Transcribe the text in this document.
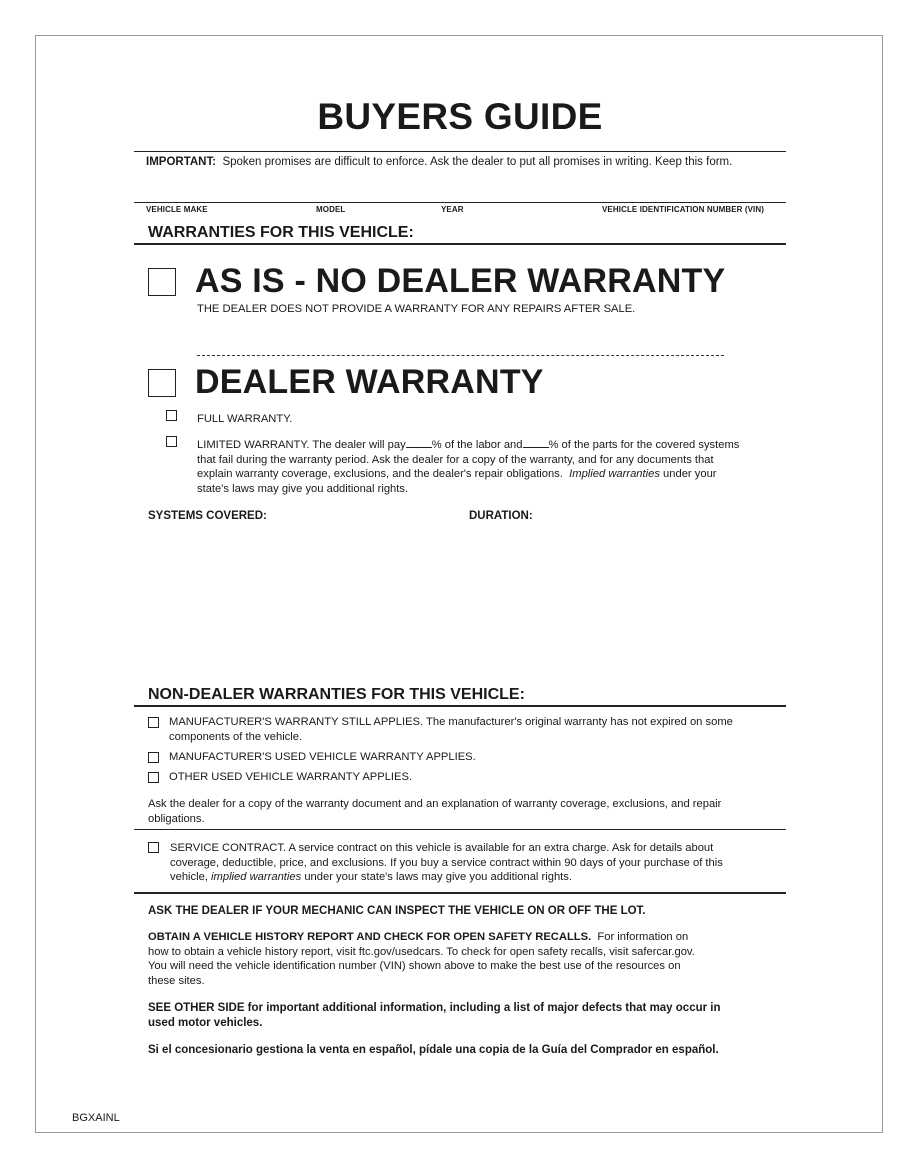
BUYERS GUIDE
IMPORTANT: Spoken promises are difficult to enforce. Ask the dealer to put all promises in writing. Keep this form.
VEHICLE MAKE	MODEL	YEAR	VEHICLE IDENTIFICATION NUMBER (VIN)
WARRANTIES FOR THIS VEHICLE:
AS IS - NO DEALER WARRANTY
THE DEALER DOES NOT PROVIDE A WARRANTY FOR ANY REPAIRS AFTER SALE.
DEALER WARRANTY
FULL WARRANTY.
LIMITED WARRANTY. The dealer will pay % of the labor and % of the parts for the covered systems
that fail during the warranty period. Ask the dealer for a copy of the warranty, and for any documents that
explain warranty coverage, exclusions, and the dealer's repair obligations. Implied warranties under your
state's laws may give you additional rights.
SYSTEMS COVERED:	DURATION:
NON-DEALER WARRANTIES FOR THIS VEHICLE:
MANUFACTURER'S WARRANTY STILL APPLIES. The manufacturer's original warranty has not expired on some
components of the vehicle.
MANUFACTURER'S USED VEHICLE WARRANTY APPLIES.
OTHER USED VEHICLE WARRANTY APPLIES.
Ask the dealer for a copy of the warranty document and an explanation of warranty coverage, exclusions, and repair
obligations.
SERVICE CONTRACT. A service contract on this vehicle is available for an extra charge. Ask for details about
coverage, deductible, price, and exclusions. If you buy a service contract within 90 days of your purchase of this
vehicle, implied warranties under your state's laws may give you additional rights.
ASK THE DEALER IF YOUR MECHANIC CAN INSPECT THE VEHICLE ON OR OFF THE LOT.
OBTAIN A VEHICLE HISTORY REPORT AND CHECK FOR OPEN SAFETY RECALLS. For information on
how to obtain a vehicle history report, visit ftc.gov/usedcars. To check for open safety recalls, visit safercar.gov.
You will need the vehicle identification number (VIN) shown above to make the best use of the resources on
these sites.
SEE OTHER SIDE for important additional information, including a list of major defects that may occur in
used motor vehicles.
Si el concesionario gestiona la venta en español, pídale una copia de la Guía del Comprador en español.
BGXAINL
